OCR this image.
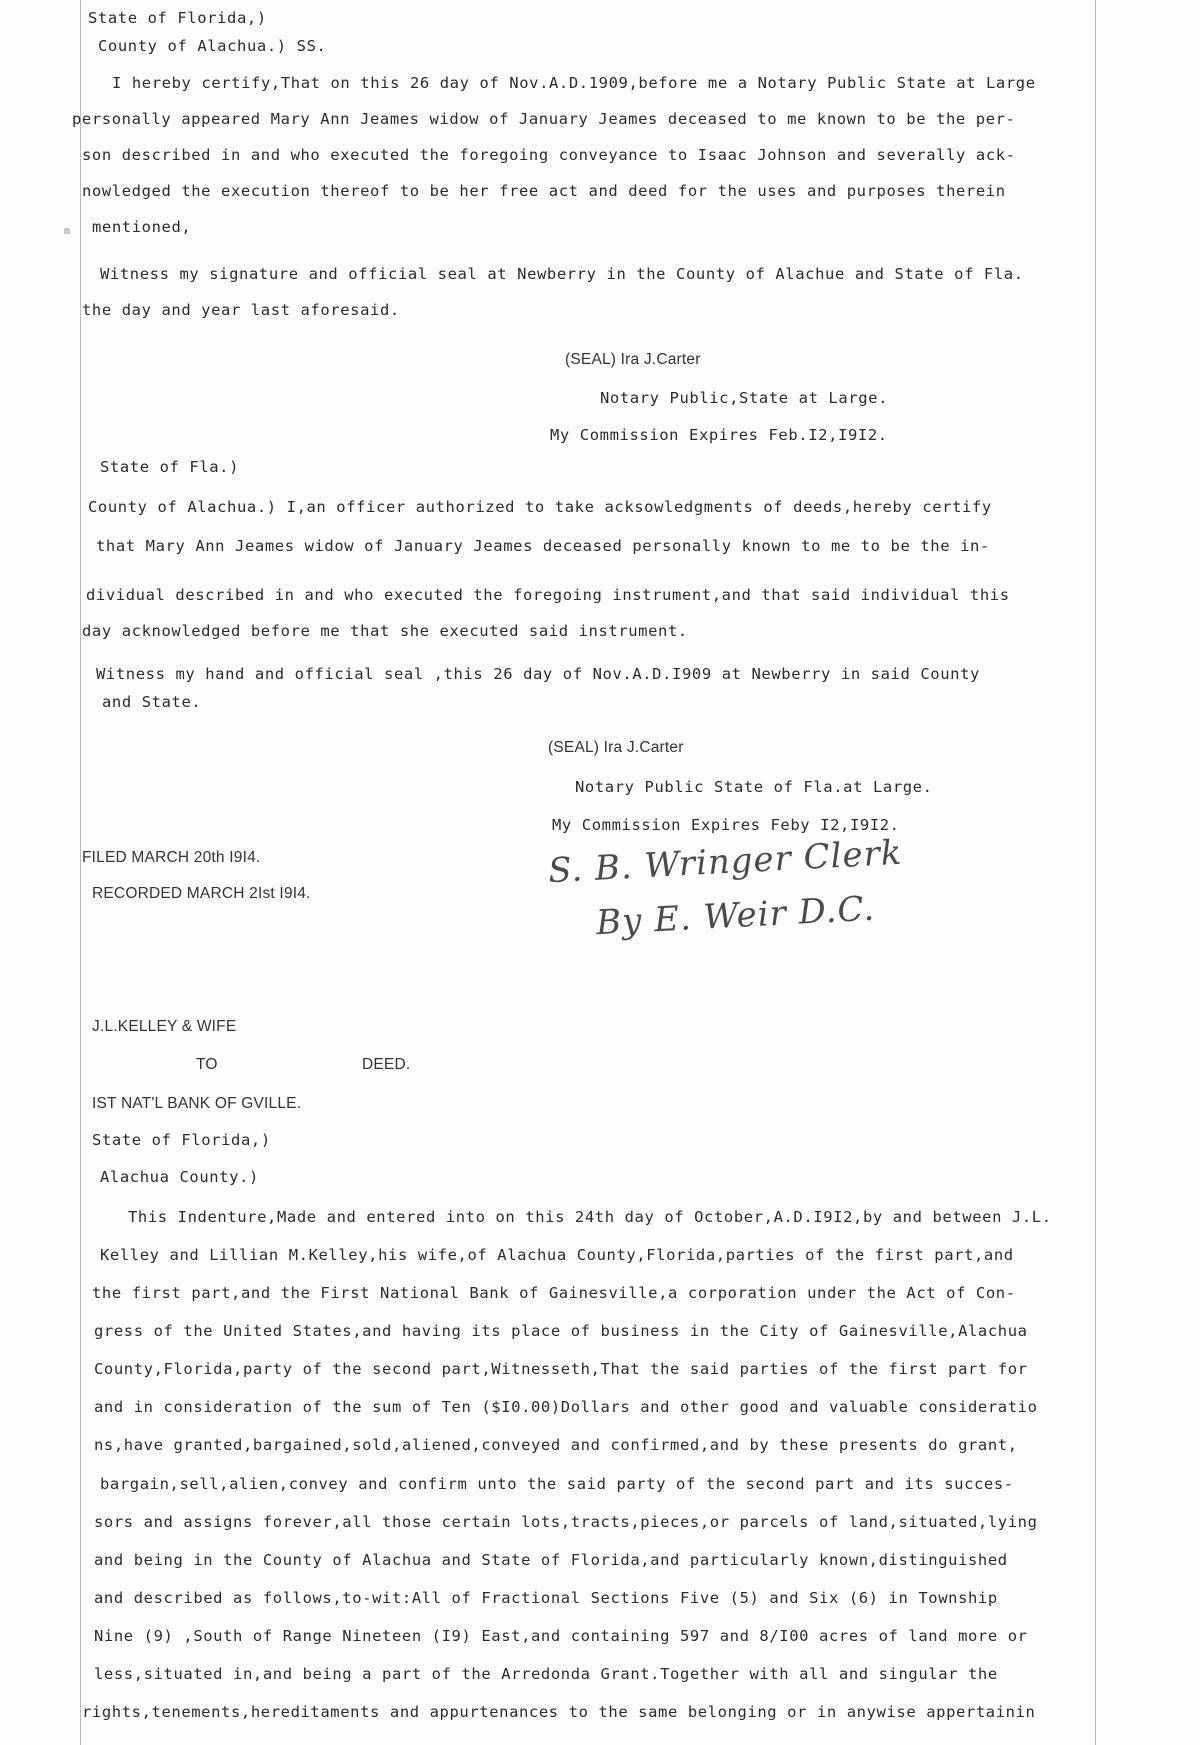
m
State of Florida,)
County of Alachua.) SS.
I hereby certify,That on this 26 day of Nov.A.D.1909,before me a Notary Public State at Large
personally appeared Mary Ann Jeames widow of January Jeames deceased to me known to be the per-
son described in and who executed the foregoing conveyance to Isaac Johnson and severally ack-
nowledged the execution thereof to be her free act and deed for the uses and purposes therein
mentioned,
Witness my signature and official seal at Newberry in the County of Alachue and State of Fla.
the day and year last aforesaid.
(SEAL) Ira J.Carter
Notary Public,State at Large.
My Commission Expires Feb.I2,I9I2.
State of Fla.)
County of Alachua.) I,an officer authorized to take acksowledgments of deeds,hereby certify
that Mary Ann Jeames widow of January Jeames deceased personally known to me to be the in-
dividual described in and who executed the foregoing instrument,and that said individual this
day acknowledged before me that she executed said instrument.
Witness my hand and official seal ,this 26 day of Nov.A.D.I909 at Newberry in said County
and State.
(SEAL) Ira J.Carter
Notary Public State of Fla.at Large.
My Commission Expires Feby I2,I9I2.
FILED MARCH 20th I9I4.
RECORDED MARCH 2Ist I9I4.
S. B. Wringer Clerk
By E. Weir D.C.
J.L.KELLEY & WIFE
TO	DEED.
IST NAT'L BANK OF GVILLE.
State of Florida,)
Alachua County.)
This Indenture,Made and entered into on this 24th day of October,A.D.I9I2,by and between J.L.
Kelley and Lillian M.Kelley,his wife,of Alachua County,Florida,parties of the first part,and
the first part,and the First National Bank of Gainesville,a corporation under the Act of Con-
gress of the United States,and having its place of business in the City of Gainesville,Alachua
County,Florida,party of the second part,Witnesseth,That the said parties of the first part for
and in consideration of the sum of Ten ($I0.00)Dollars and other good and valuable consideratio
ns,have granted,bargained,sold,aliened,conveyed and confirmed,and by these presents do grant,
bargain,sell,alien,convey and confirm unto the said party of the second part and its succes-
sors and assigns forever,all those certain lots,tracts,pieces,or parcels of land,situated,lying
and being in the County of Alachua and State of Florida,and particularly known,distinguished
and described as follows,to-wit:All of Fractional Sections Five (5) and Six (6) in Township
Nine (9) ,South of Range Nineteen (I9) East,and containing 597 and 8/I00 acres of land more or
less,situated in,and being a part of the Arredonda Grant.Together with all and singular the
rights,tenements,hereditaments and appurtenances to the same belonging or in anywise appertainin
